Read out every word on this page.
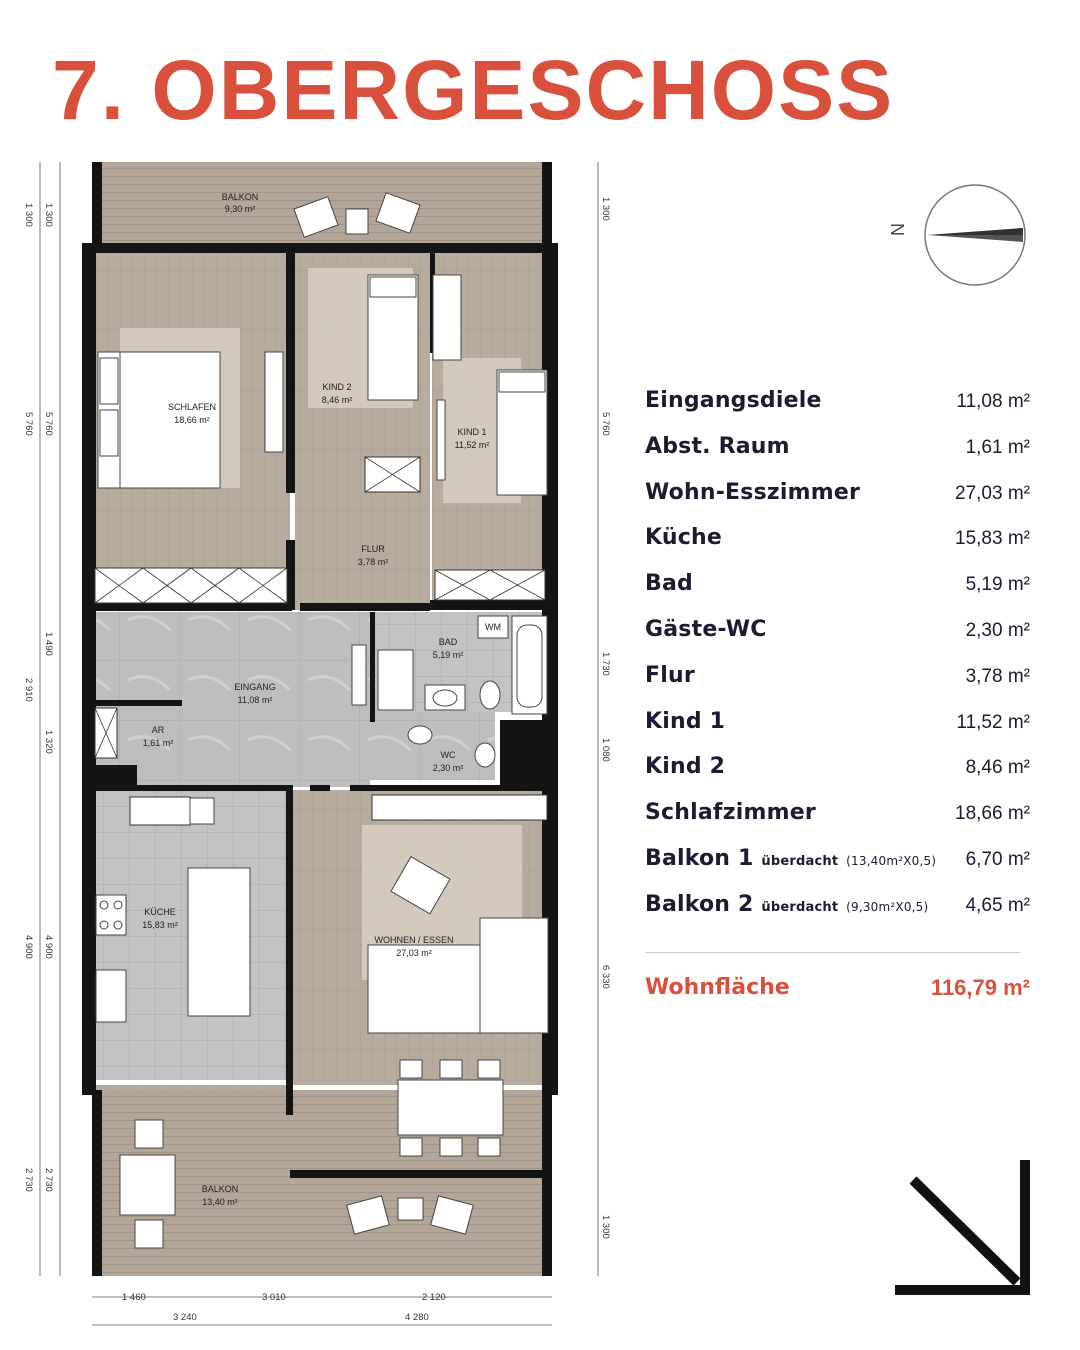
7. OBERGESCHOSS
BALKON
9,30 m²
SCHLAFEN
18,66 m²
KIND 2
8,46 m²
KIND 1
11,52 m²
FLUR
3,78 m²
BAD
5,19 m²
WM
EINGANG
11,08 m²
AR
1,61 m²
WC
2,30 m²
KÜCHE
15,83 m²
WOHNEN / ESSEN
27,03 m²
BALKON
13,40 m²
1 300
5 760
2 910
4 900
2 730
1 300
5 760
1 490
1 320
4 900
2 730
1 300
5 760
1 730
1 080
6 330
1 300
1 460	3 010	2 120
3 240	4 280
N
Eingangsdiele	11,08 m²
Abst. Raum	1,61 m²
Wohn-Esszimmer	27,03 m²
Küche	15,83 m²
Bad	5,19 m²
Gäste-WC	2,30 m²
Flur	3,78 m²
Kind 1	11,52 m²
Kind 2	8,46 m²
Schlafzimmer	18,66 m²
Balkon 1 überdacht (13,40m²X0,5) 6,70 m²
Balkon 2 überdacht (9,30m²X0,5) 4,65 m²
Wohnfläche	116,79 m²
